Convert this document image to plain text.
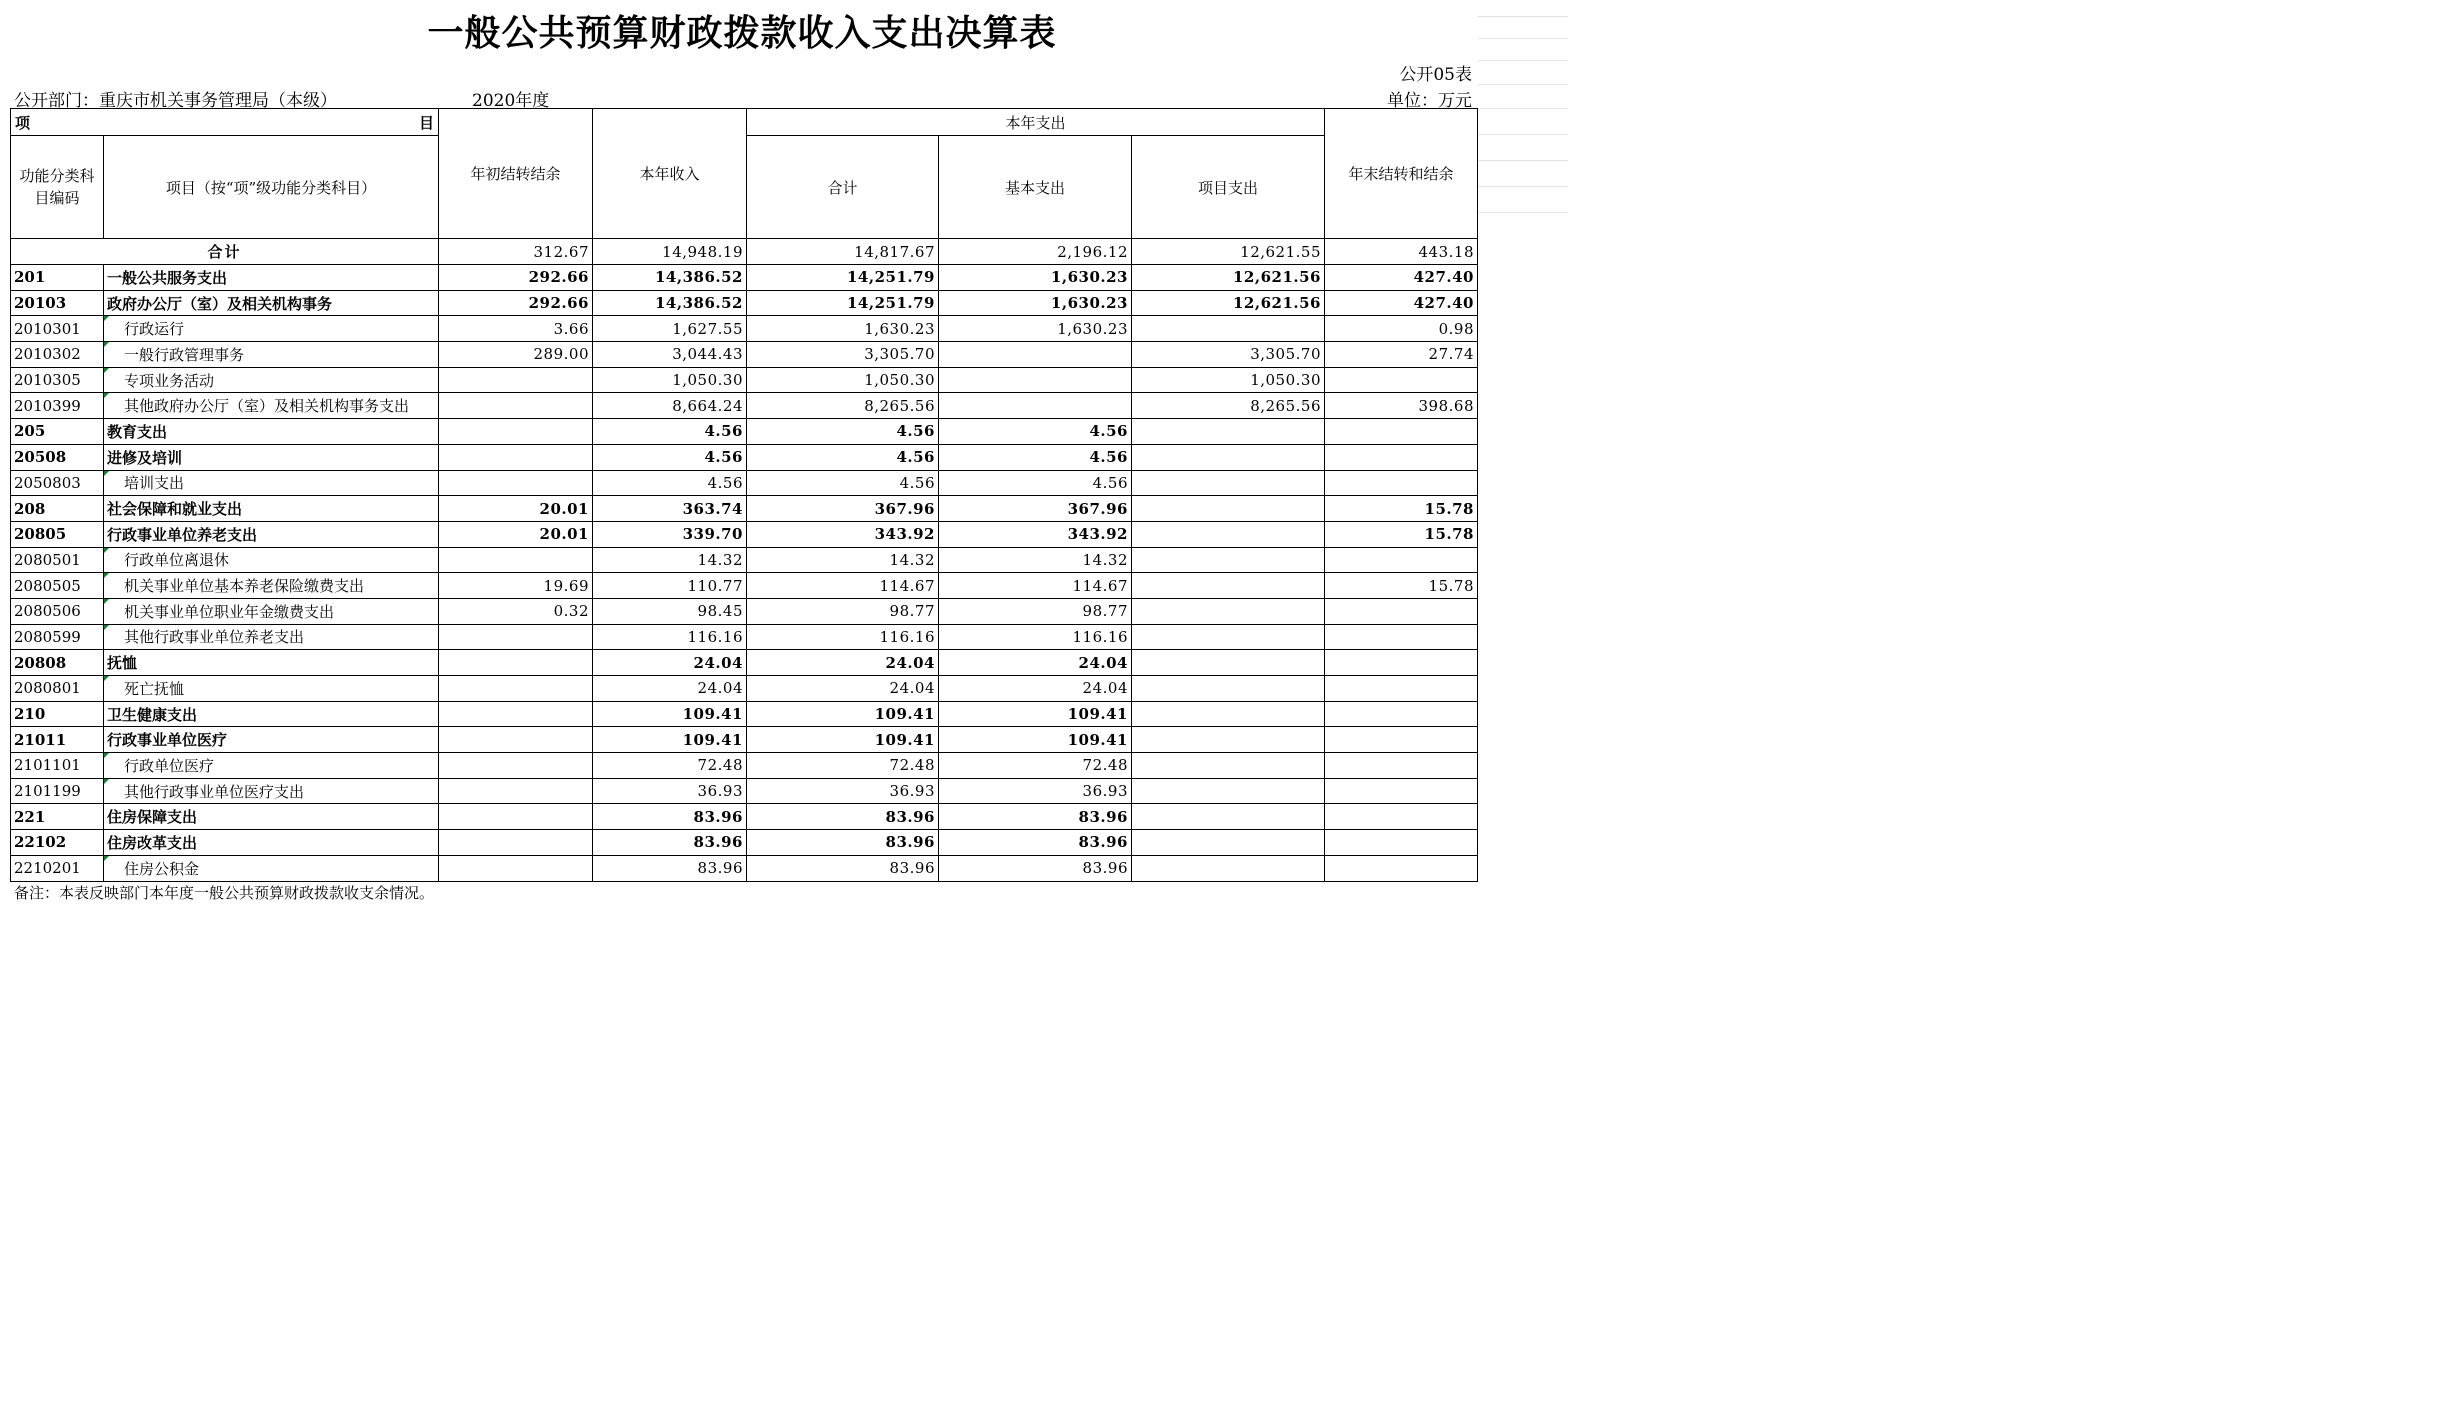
一般公共预算财政拨款收入支出决算表
公开05表
公开部门：重庆市机关事务管理局（本级）	2020年度	单位：万元
项 目		年初结转结余	本年收入	本年支出			年末结转和结余
功能分类科目编码	项目（按“项”级功能分类科目）			合计	基本支出	项目支出	
合计		312.67	14,948.19	14,817.67	2,196.12	12,621.55	443.18
201	一般公共服务支出	292.66	14,386.52	14,251.79	1,630.23	12,621.56	427.40
20103	政府办公厅（室）及相关机构事务	292.66	14,386.52	14,251.79	1,630.23	12,621.56	427.40
2010301	行政运行	3.66	1,627.55	1,630.23	1,630.23		0.98
2010302	一般行政管理事务	289.00	3,044.43	3,305.70		3,305.70	27.74
2010305	专项业务活动		1,050.30	1,050.30		1,050.30	
2010399	其他政府办公厅（室）及相关机构事务支出		8,664.24	8,265.56		8,265.56	398.68
205	教育支出		4.56	4.56	4.56		
20508	进修及培训		4.56	4.56	4.56		
2050803	培训支出		4.56	4.56	4.56		
208	社会保障和就业支出	20.01	363.74	367.96	367.96		15.78
20805	行政事业单位养老支出	20.01	339.70	343.92	343.92		15.78
2080501	行政单位离退休		14.32	14.32	14.32		
2080505	机关事业单位基本养老保险缴费支出	19.69	110.77	114.67	114.67		15.78
2080506	机关事业单位职业年金缴费支出	0.32	98.45	98.77	98.77		
2080599	其他行政事业单位养老支出		116.16	116.16	116.16		
20808	抚恤		24.04	24.04	24.04		
2080801	死亡抚恤		24.04	24.04	24.04		
210	卫生健康支出		109.41	109.41	109.41		
21011	行政事业单位医疗		109.41	109.41	109.41		
2101101	行政单位医疗		72.48	72.48	72.48		
2101199	其他行政事业单位医疗支出		36.93	36.93	36.93		
221	住房保障支出		83.96	83.96	83.96		
22102	住房改革支出		83.96	83.96	83.96		
2210201	住房公积金		83.96	83.96	83.96		
备注：本表反映部门本年度一般公共预算财政拨款收支余情况。
